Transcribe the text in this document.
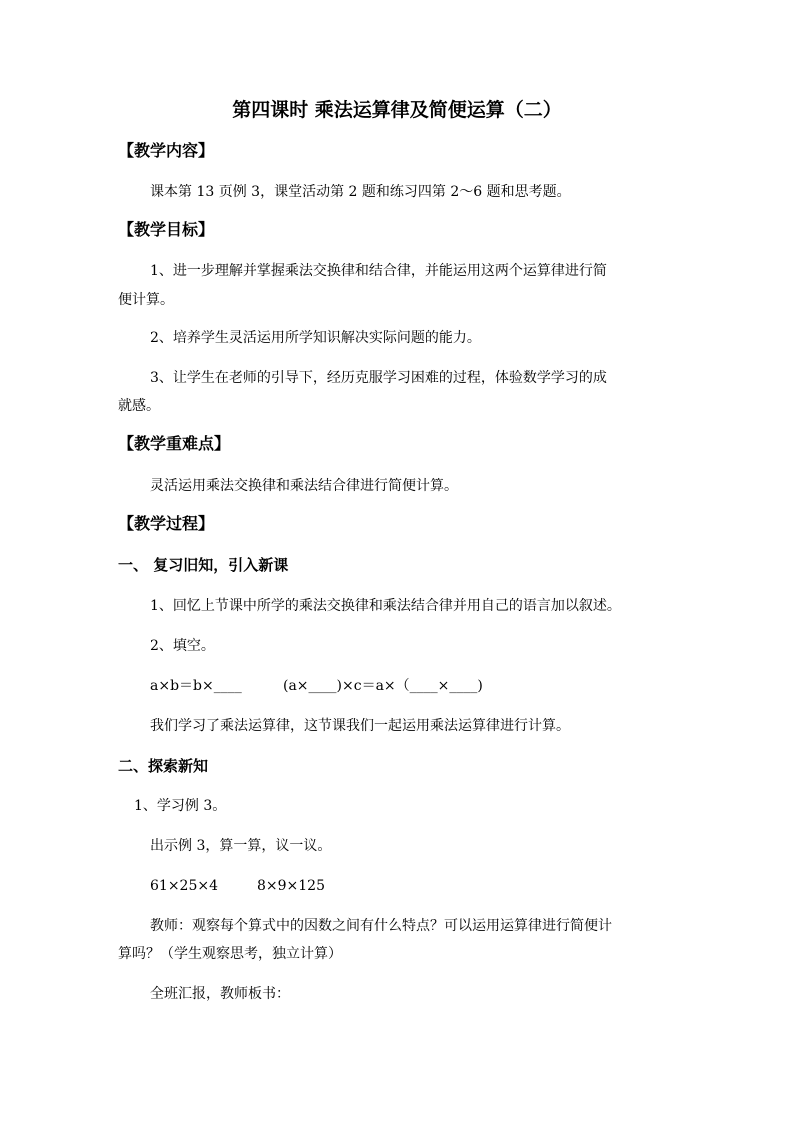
第四课时 乘法运算律及简便运算（二）
【教学内容】
课本第 13 页例 3，课堂活动第 2 题和练习四第 2～6 题和思考题。
【教学目标】
1、进一步理解并掌握乘法交换律和结合律，并能运用这两个运算律进行简
便计算。
2、培养学生灵活运用所学知识解决实际问题的能力。
3、让学生在老师的引导下，经历克服学习困难的过程，体验数学学习的成
就感。
【教学重难点】
灵活运用乘法交换律和乘法结合律进行简便计算。
【教学过程】
一、 复习旧知，引入新课
1、回忆上节课中所学的乘法交换律和乘法结合律并用自己的语言加以叙述。
2、填空。
a×b＝b×____	(a×____)×c＝a×（____×____)
我们学习了乘法运算律，这节课我们一起运用乘法运算律进行计算。
二、探索新知
1、学习例 3。
出示例 3，算一算，议一议。
61×25×4	8×9×125
教师：观察每个算式中的因数之间有什么特点？可以运用运算律进行简便计
算吗？（学生观察思考，独立计算）
全班汇报，教师板书：
